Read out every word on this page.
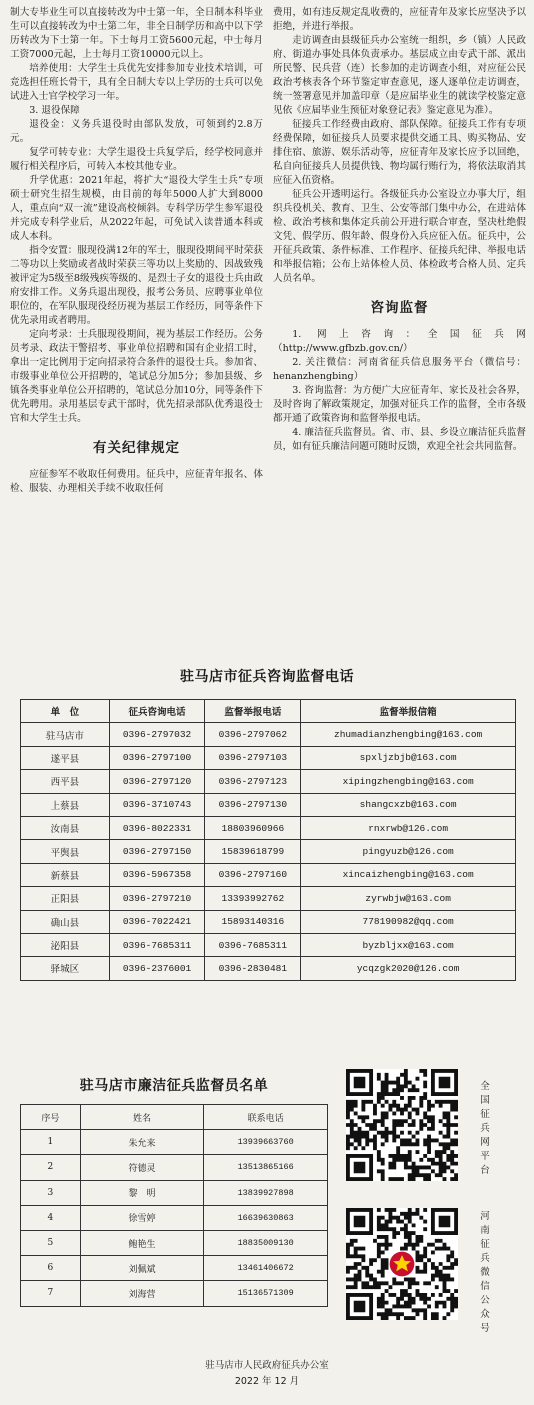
制大专毕业生可以直接转改为中士第一年，全日制本科毕业生可以直接转改为中士第二年，非全日制学历和高中以下学历转改为下士第一年。下士每月工资5600元起，中士每月工资7000元起，上士每月工资10000元以上。

培养使用：大学生士兵优先安排参加专业技术培训，可竞选担任班长骨干，具有全日制大专以上学历的士兵可以免试进入士官学校学习一年。

3. 退役保障

退役金：义务兵退役时由部队发放，可领到约2.8万元。

复学可转专业：大学生退役士兵复学后，经学校同意并履行相关程序后，可转入本校其他专业。

升学优惠：2021年起，将扩大“退役大学生士兵”专项硕士研究生招生规模，由目前的每年5000人扩大到8000人，重点向“双一流”建设高校倾斜。专科学历学生参军退役并完成专科学业后，从2022年起，可免试入读普通本科或成人本科。

指令安置：服现役满12年的军士，服现役期间平时荣获二等功以上奖励或者战时荣获三等功以上奖励的、因战致残被评定为5级至8级残疾等级的、是烈士子女的退役士兵由政府安排工作。义务兵退出现役，报考公务员、应聘事业单位职位的，在军队服现役经历视为基层工作经历，同等条件下优先录用或者聘用。

定向考录：士兵服现役期间，视为基层工作经历。公务员考录、政法干警招考、事业单位招聘和国有企业招工时，拿出一定比例用于定向招录符合条件的退役士兵。参加省、市级事业单位公开招聘的，笔试总分加5分；参加县级、乡镇各类事业单位公开招聘的，笔试总分加10分，同等条件下优先聘用。录用基层专武干部时，优先招录部队优秀退役士官和大学生士兵。

有关纪律规定

应征参军不收取任何费用。征兵中，应征青年报名、体检、服装、办理相关手续不收取任何

费用，如有违反规定乱收费的，应征青年及家长应坚决予以拒绝，并进行举报。

走访调查由县级征兵办公室统一组织，乡（镇）人民政府、街道办事处具体负责承办。基层成立由专武干部、派出所民警、民兵营（连）长参加的走访调查小组，对应征公民政治考核表各个环节鉴定审查意见，逐人逐单位走访调查，统一签署意见并加盖印章（是应届毕业生的就读学校鉴定意见依《应届毕业生预征对象登记表》鉴定意见为准）。

征接兵工作经费由政府、部队保障。征接兵工作有专项经费保障，如征接兵人员要求提供交通工具、购买物品、安排住宿、旅游、娱乐活动等，应征青年及家长应予以回绝，私自向征接兵人员提供钱、物均属行贿行为，将依法取消其应征入伍资格。

征兵公开透明运行。各级征兵办公室设立办事大厅，组织兵役机关、教育、卫生、公安等部门集中办公，在进站体检、政治考核和集体定兵前公开进行联合审查，坚决杜绝假文凭、假学历、假年龄、假身份入兵应征入伍。征兵中，公开征兵政策、条件标准、工作程序、征接兵纪律、举报电话和举报信箱；公布上站体检人员、体检政考合格人员、定兵人员名单。

咨询监督

1. 网上咨询：全国征兵网（http://www.gfbzb.gov.cn/）

2. 关注微信：河南省征兵信息服务平台（微信号：henanzhengbing）

3. 咨询监督：为方便广大应征青年、家长及社会各界，及时咨询了解政策规定，加强对征兵工作的监督，全市各级都开通了政策咨询和监督举报电话。

4. 廉洁征兵监督员。省、市、县、乡设立廉洁征兵监督员，如有征兵廉洁问题可随时反馈，欢迎全社会共同监督。

驻马店市征兵咨询监督电话
单　位	征兵咨询电话	监督举报电话	监督举报信箱
驻马店市	0396-2797032	0396-2797062	zhumadianzhengbing@163.com
遂平县	0396-2797100	0396-2797103	spxljzbjb@163.com
西平县	0396-2797120	0396-2797123	xipingzhengbing@163.com
上蔡县	0396-3710743	0396-2797130	shangcxzb@163.com
汝南县	0396-8022331	18803960966	rnxrwb@126.com
平舆县	0396-2797150	15839618799	pingyuzb@126.com
新蔡县	0396-5967358	0396-2797160	xincaizhengbing@163.com
正阳县	0396-2797210	13393992762	zyrwbjw@163.com
确山县	0396-7022421	15893140316	778190982@qq.com
泌阳县	0396-7685311	0396-7685311	byzbljxx@163.com
驿城区	0396-2376001	0396-2830481	ycqzgk2020@126.com
驻马店市廉洁征兵监督员名单
序号	姓名	联系电话
1	朱允来	13939663760
2	符德灵	13513865166
3	黎　明	13839927898
4	徐雪婷	16639630863
5	鲍艳生	18835009130
6	刘佩斌	13461406672
7	刘海营	15136571309
全
国
征
兵
网
平
台
河
南
征
兵
微
信
公
众
号
驻马店市人民政府征兵办公室
2022 年 12 月
